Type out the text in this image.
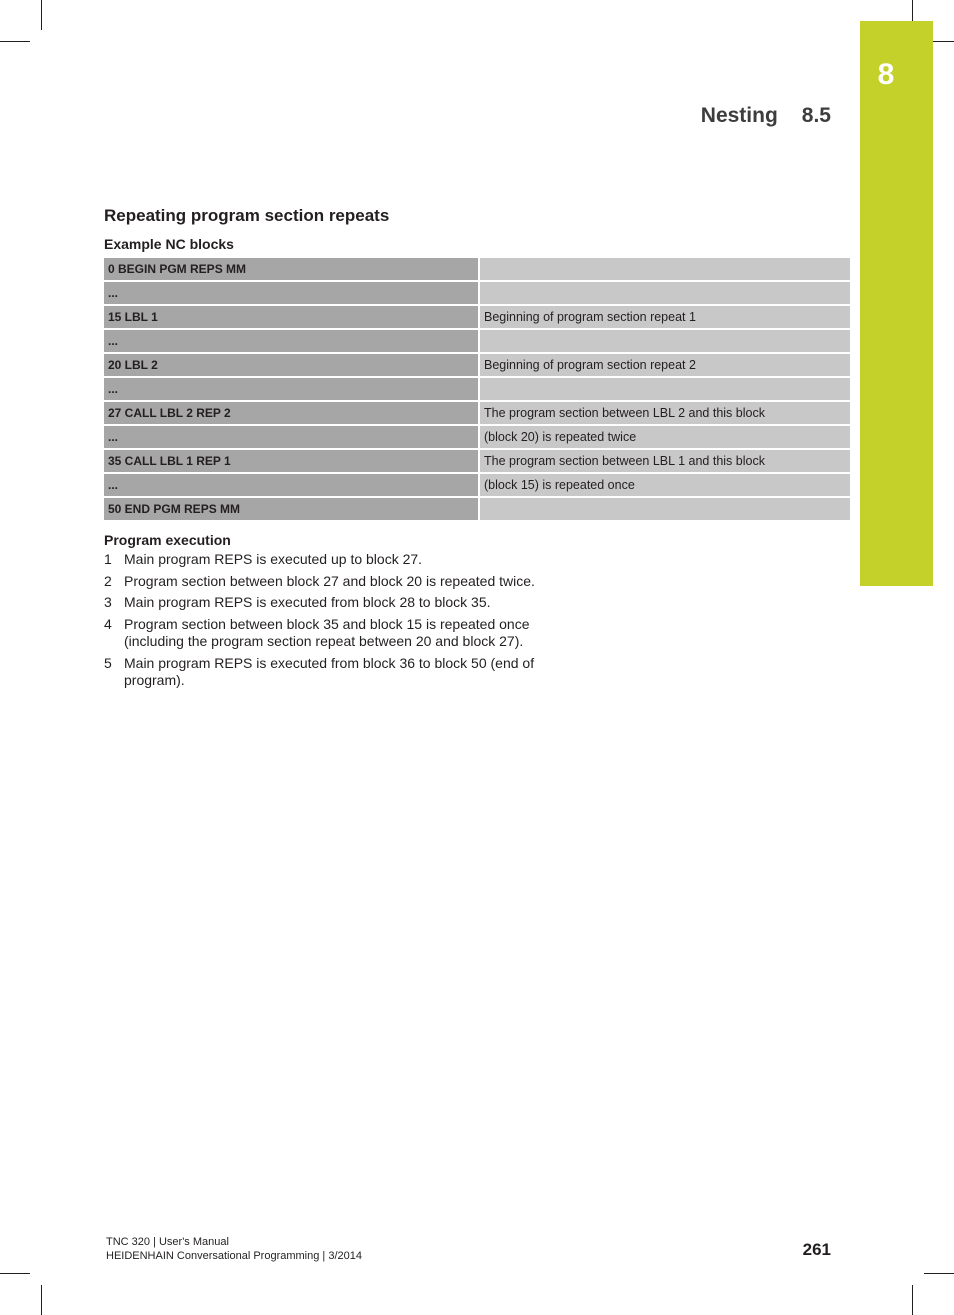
8
Nesting 8.5
Repeating program section repeats
Example NC blocks
0 BEGIN PGM REPS MM
...
15 LBL 1	Beginning of program section repeat 1
...
20 LBL 2	Beginning of program section repeat 2
...
27 CALL LBL 2 REP 2	The program section between LBL 2 and this block
...	(block 20) is repeated twice
35 CALL LBL 1 REP 1	The program section between LBL 1 and this block
...	(block 15) is repeated once
50 END PGM REPS MM
Program execution
1 Main program REPS is executed up to block 27.
2 Program section between block 27 and block 20 is repeated twice.
3 Main program REPS is executed from block 28 to block 35.
4 Program section between block 35 and block 15 is repeated once (including the program section repeat between 20 and block 27).
5 Main program REPS is executed from block 36 to block 50 (end of program).
TNC 320 | User's Manual
HEIDENHAIN Conversational Programming | 3/2014	261
